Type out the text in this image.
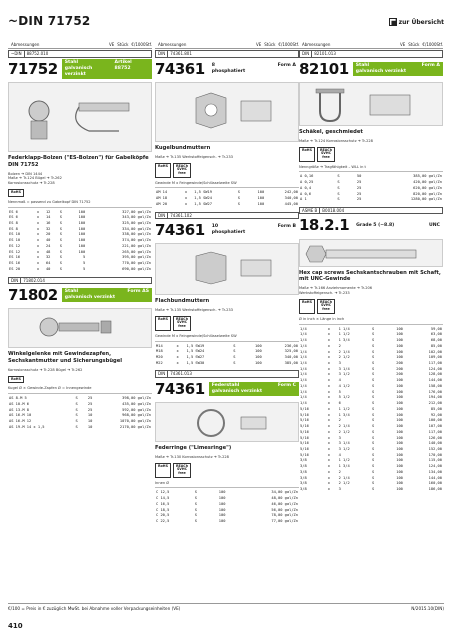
~DIN 71752	zur Übersicht
Abmessungen	VE Stück €/1000Stf.
~DIN	88752.010
71752 Stahl
galvanisch verzinkt
Artikel 88752
Federklapp-Bolzen ("ES-Bolzen") für Gabelköpfe DIN 71752
Bolzen ➔ DIN 1444
Maße ➔ Tr-124 Bügel ➔ Tr-262
Korrosionsschutz ➔ Tr-228
RoHS
Nennmaß = passend zu Gabelkopf DIN 71752
ES 6	x	12	S	100	327,00 gal/Zn
ES 6	x	14	S	100	343,00 gal/Zn
ES 8	x	16	S	100	325,00 gal/Zn
ES 8	x	32	S	100	334,00 gal/Zn
ES 10	x	20	S	100	338,00 gal/Zn
ES 10	x	40	S	100	374,00 gal/Zn
ES 12	x	24	S	100	221,00 gal/Zn
ES 12	x	48	S	100	265,00 gal/Zn
ES 16	x	32	S	5	395,00 gal/Zn
ES 16	x	64	S	5	770,00 gal/Zn
ES 20	x	40	S	5	690,00 gal/Zn
DIN	71802.014
71802 Stahl
galvanisch verzinkt
Form AS
Winkelgelenke mit Gewindezapfen, Sechskantmutter und Sicherungsbügel
Korrosionsschutz ➔ Tr-228 Bügel ➔ Tr-262
RoHS
Kugel Ø × Gewinde-Zapfen Ø = Innengewinde
AS 8-M 5	S	25	398,00 gal/Zn
AS 10-M 6	S	25	435,00 gal/Zn
AS 13-M 8	S	25	592,00 gal/Zn
AS 16-M 10	S	10	968,00 gal/Zn
AS 16-M 12	S	10	1070,00 gal/Zn
AS 19-M 14 x 1,5	S	10	2170,00 gal/Zn
Abmessungen	VE Stück €/1000Stf.
DIN	74361.801
74361 8
phosphatiert
Form A
Kugelbundmuttern
Maße ➔ Tr-135 Werkstoffeigensch. ➔ Tr-233
RoHS	REACh
SVHC
free
Gewinde M x Feingewinde/Schlüsselweite SW
AM 14	x	1,5 SW19	S	100	242,00
AM 18	x	1,5 SW24	S	100	340,00
AM 20	x	1,5 SW27	S	100	445,00
DIN	74361.102
74361 10
phosphatiert
Form B
Flachbundmuttern
Maße ➔ Tr-135 Werkstoffeigensch. ➔ Tr-233
RoHS	REACh
SVHC
free
Gewinde M x Feingewinde/Schlüsselweite SW
M14	x	1,5 SW19	S	100	236,00
M18	x	1,5 SW24	S	100	325,00
M20	x	1,5 SW27	S	100	340,00
M22	x	1,5 SW30	S	100	385,00
DIN	74361.013
74361 Federstahl
galvanisch verzinkt
Form C
Federringe ("Limesringe")
Maße ➔ Tr-130 Korrosionsschutz ➔ Tr-228
RoHS	REACh
SVHC
free
Innen Ø
C 12,5	S	100	34,00 gal/Zn
C 14,5	S	100	48,00 gal/Zn
C 16,5	S	100	46,00 gal/Zn
C 18,5	S	100	56,00 gal/Zn
C 20,5	S	100	78,00 gal/Zn
C 22,5	S	100	77,00 gal/Zn
Abmessungen	VE Stück €/1000Stf.
DIN	82101.013
82101 Stahl
galvanisch verzinkt
Form A
Schäkel, geschmiedet
Maße ➔ Tr-124 Korrosionsschutz ➔ Tr-228
RoHS	REACh
SVHC
free
Nenngröße ➔ Tragfähigkeit – WLL in t
A 0,16	S	50	385,00 gal/Zn
A 0,25	S	25	420,00 gal/Zn
A 0,4	S	25	620,00 gal/Zn
A 0,6	S	25	820,00 gal/Zn
A 1	S	25	1280,00 gal/Zn
ASME B	B0018.004
18.2.1 Grade 5 (~8.8)	UNC
Hex cap screws Sechskantschrauben mit Schaft, mit UNC-Gewinde
Maße ➔ Tr-166 Anziehmomente ➔ Tr-206
Werkstoffeigensch. ➔ Tr-233
RoHS	REACh
SVHC
free
Ø in inch × Länge in inch
1/4	x	1 1/4	S	100	59,00
1/4	x	1 1/2	S	100	63,00
1/4	x	1 3/4	S	100	68,00
1/4	x	2	S	100	85,00
1/4	x	2 1/4	S	100	102,00
1/4	x	2 1/2	S	100	109,00
1/4	x	3	S	200	117,00
1/4	x	3 1/4	S	200	124,00
1/4	x	3 1/2	S	200	128,00
1/4	x	4	S	100	144,00
1/4	x	4 1/2	S	100	158,00
1/4	x	5	S	100	176,00
1/4	x	5 1/2	S	100	194,00
1/4	x	6	S	100	212,00
5/16	x	1 1/2	S	100	85,00
5/16	x	1 3/4	S	100	92,00
5/16	x	2	S	100	100,00
5/16	x	2 1/4	S	100	107,00
5/16	x	2 1/2	S	100	117,00
5/16	x	3	S	100	126,00
5/16	x	3 1/4	S	100	140,00
5/16	x	3 1/2	S	100	152,00
5/16	x	4	S	100	170,00
3/8	x	1 1/2	S	100	115,00
3/8	x	1 3/4	S	100	124,00
3/8	x	2	S	100	134,00
3/8	x	2 1/4	S	100	144,00
3/8	x	2 1/2	S	100	160,00
3/8	x	3	S	100	186,00
€/100 = Preis in € zuzüglich MwSt. bei Abnahme voller Verpackungseinheiten (VE)	N/2015.10(DIN)
410
